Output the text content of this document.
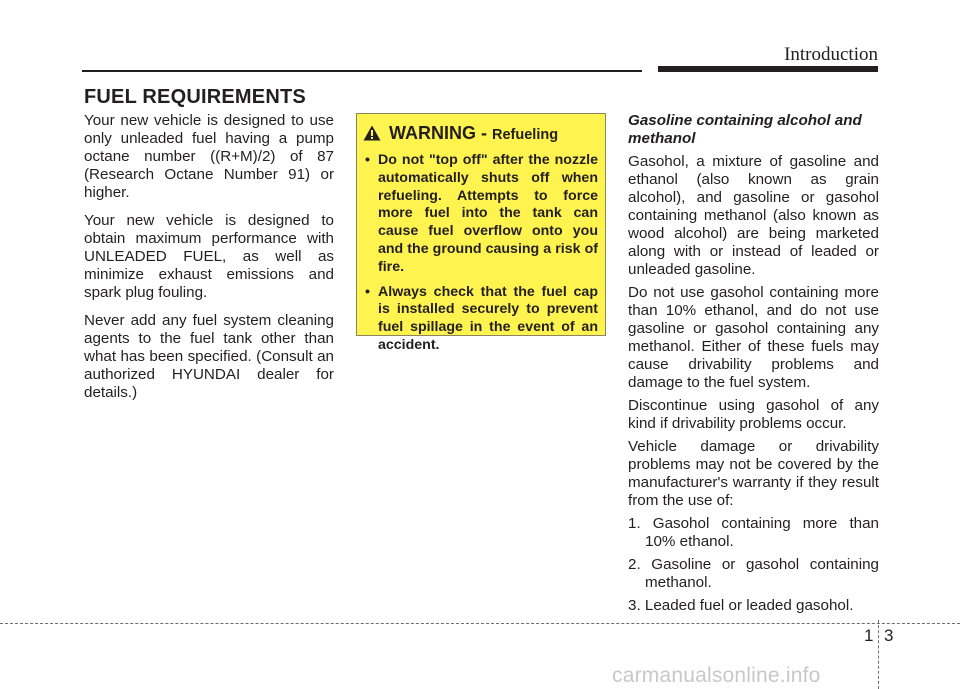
Introduction
FUEL REQUIREMENTS

Your new vehicle is designed to use only unleaded fuel having a pump octane number ((R+M)/2) of 87 (Research Octane Number 91) or higher.

Your new vehicle is designed to obtain maximum performance with UNLEADED FUEL, as well as minimize exhaust emissions and spark plug fouling.

Never add any fuel system cleaning agents to the fuel tank other than what has been specified. (Consult an authorized HYUNDAI dealer for details.)

WARNING - Refueling
• Do not "top off" after the nozzle automatically shuts off when refueling. Attempts to force more fuel into the tank can cause fuel overflow onto you and the ground causing a risk of fire.
• Always check that the fuel cap is installed securely to prevent fuel spillage in the event of an accident.
Gasoline containing alcohol and methanol

Gasohol, a mixture of gasoline and ethanol (also known as grain alcohol), and gasoline or gasohol containing methanol (also known as wood alcohol) are being marketed along with or instead of leaded or unleaded gasoline.

Do not use gasohol containing more than 10% ethanol, and do not use gasoline or gasohol containing any methanol. Either of these fuels may cause drivability problems and damage to the fuel system.

Discontinue using gasohol of any kind if drivability problems occur.

Vehicle damage or drivability problems may not be covered by the manufacturer's warranty if they result from the use of:

1. Gasohol containing more than 10% ethanol.

2. Gasoline or gasohol containing methanol.

3. Leaded fuel or leaded gasohol.

1 3
carmanualsonline.info
